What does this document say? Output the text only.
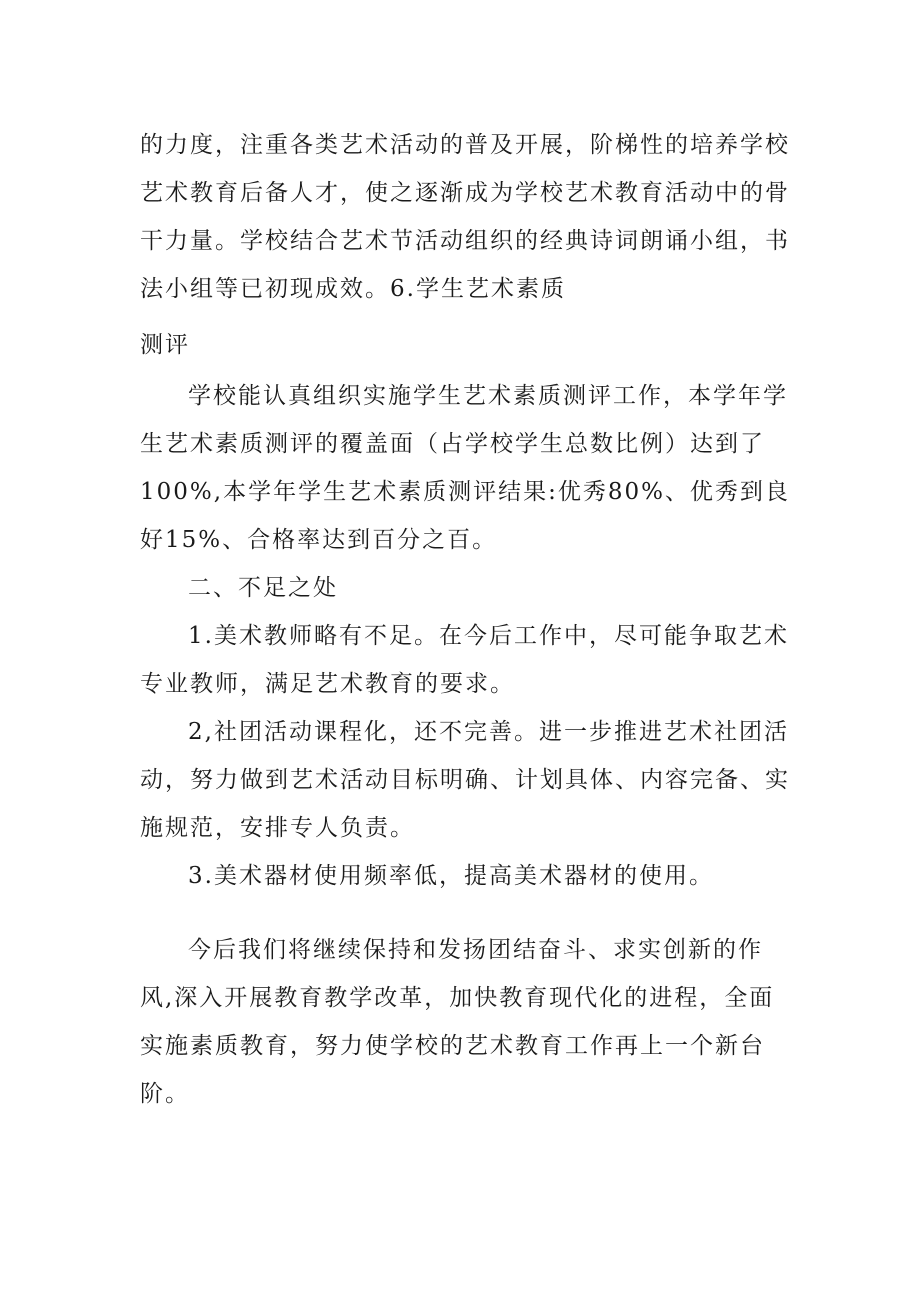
的力度，注重各类艺术活动的普及开展，阶梯性的培养学校艺术教育后备人才，使之逐渐成为学校艺术教育活动中的骨干力量。学校结合艺术节活动组织的经典诗词朗诵小组，书法小组等已初现成效。6.学生艺术素质

测评

学校能认真组织实施学生艺术素质测评工作，本学年学生艺术素质测评的覆盖面（占学校学生总数比例）达到了100%,本学年学生艺术素质测评结果:优秀80%、优秀到良好15%、合格率达到百分之百。

二、不足之处

1.美术教师略有不足。在今后工作中，尽可能争取艺术专业教师，满足艺术教育的要求。

2,社团活动课程化，还不完善。进一步推进艺术社团活动，努力做到艺术活动目标明确、计划具体、内容完备、实施规范，安排专人负责。

3.美术器材使用频率低，提高美术器材的使用。

今后我们将继续保持和发扬团结奋斗、求实创新的作风,深入开展教育教学改革，加快教育现代化的进程，全面实施素质教育，努力使学校的艺术教育工作再上一个新台阶。
